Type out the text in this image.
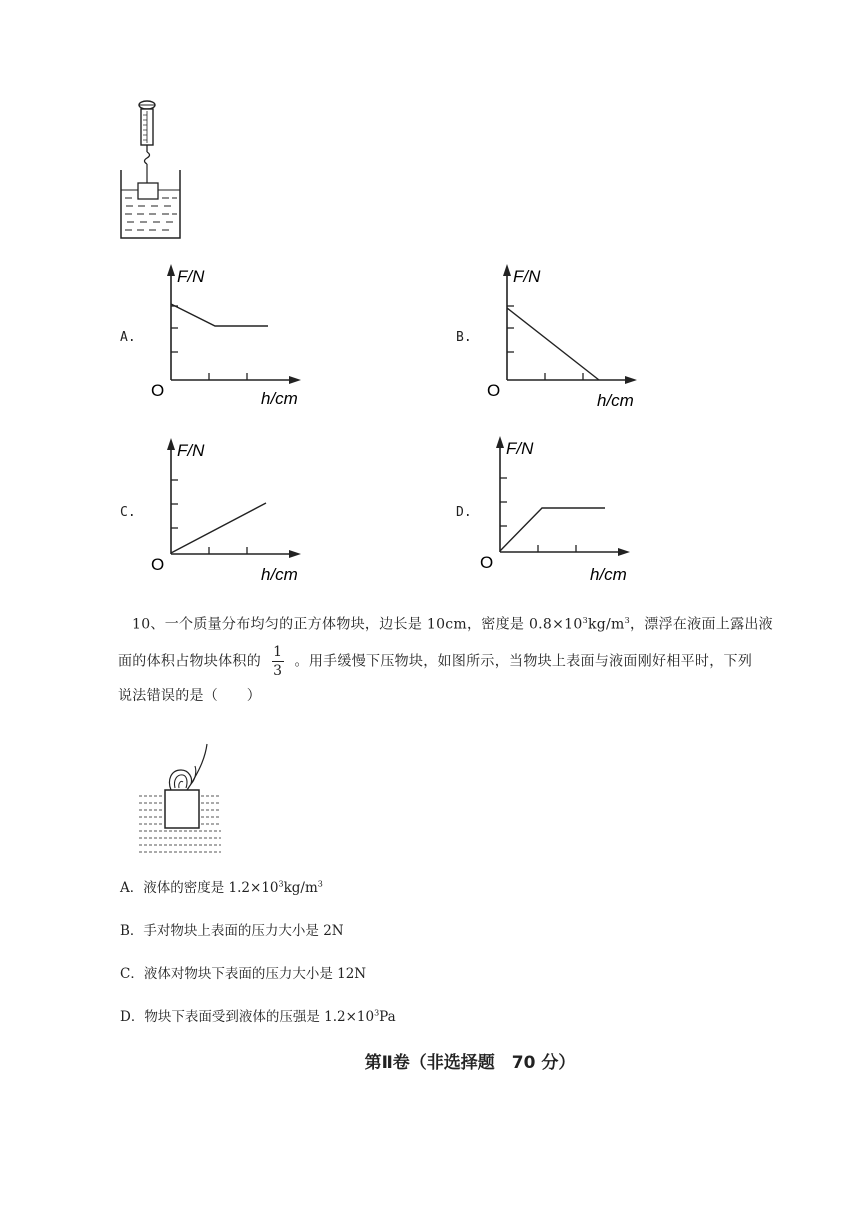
A.	B.
C.	D.
F/N
O	h/cm
F/N
O
h/cm
F/N
O
h/cm
F/N
O
h/cm
10、一个质量分布均匀的正方体物块，边长是 10cm，密度是 $0.8\times 10^3kg/m^3$，漂浮在液面上露出液
面的体积占物块体积的 $\frac{1}{3}$ 。用手缓慢下压物块，如图所示，当物块上表面与液面刚好相平时，下列
说法错误的是（　　）
A．液体的密度是 $1.2\times 10^3kg/m^3$
B．手对物块上表面的压力大小是 2N
C．液体对物块下表面的压力大小是 12N
D．物块下表面受到液体的压强是 $1.2\times 10^3Pa$
第Ⅱ卷（非选择题　70 分）
